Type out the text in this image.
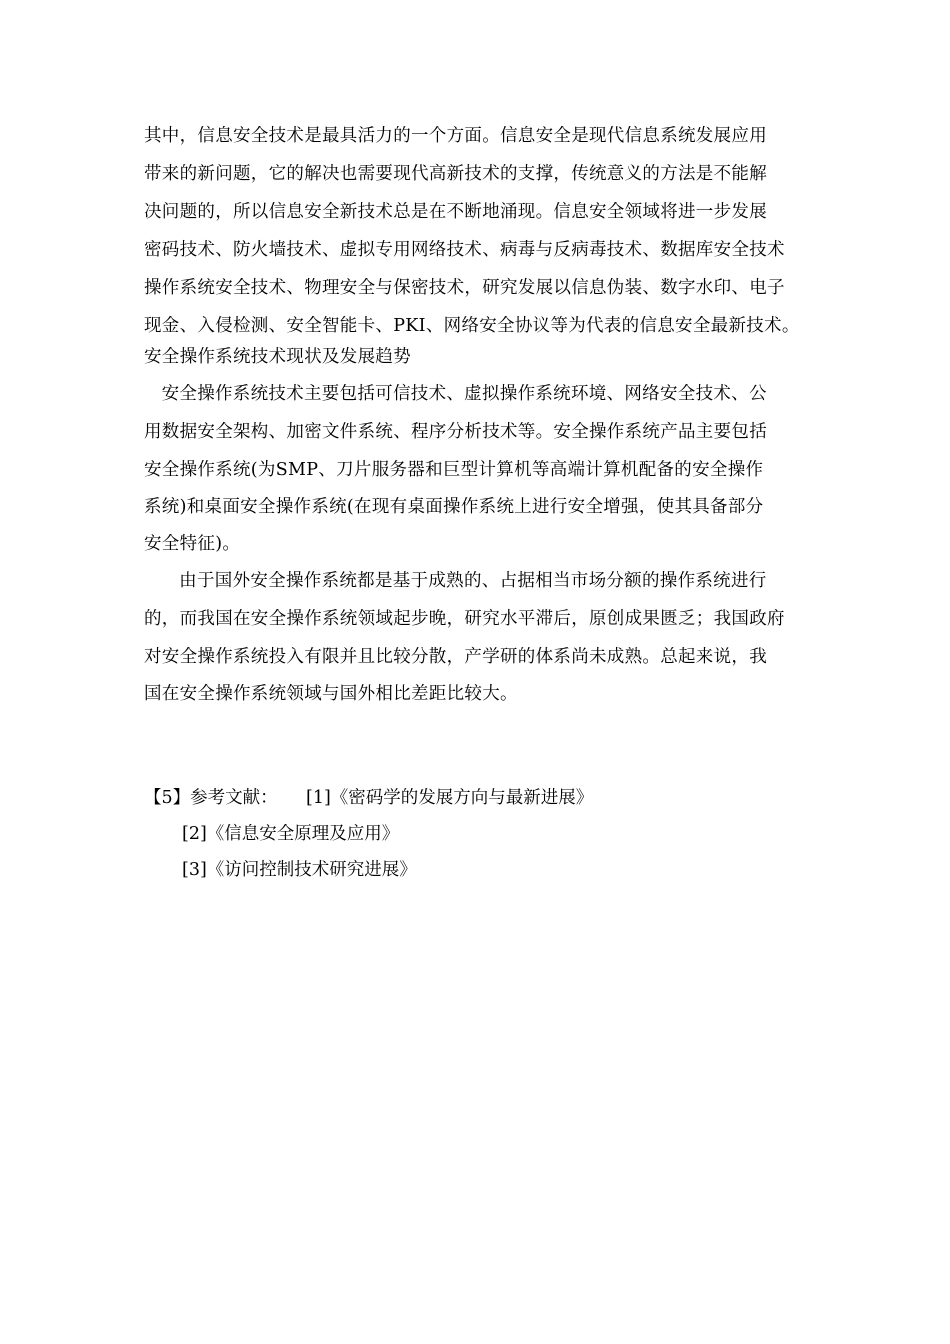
其中，信息安全技术是最具活力的一个方面。信息安全是现代信息系统发展应用
带来的新问题，它的解决也需要现代高新技术的支撑，传统意义的方法是不能解
决问题的，所以信息安全新技术总是在不断地涌现。信息安全领域将进一步发展
密码技术、防火墙技术、虚拟专用网络技术、病毒与反病毒技术、数据库安全技术
操作系统安全技术、物理安全与保密技术，研究发展以信息伪装、数字水印、电子
现金、入侵检测、安全智能卡、PKI、网络安全协议等为代表的信息安全最新技术。
安全操作系统技术现状及发展趋势
安全操作系统技术主要包括可信技术、虚拟操作系统环境、网络安全技术、公
用数据安全架构、加密文件系统、程序分析技术等。安全操作系统产品主要包括
安全操作系统(为SMP、刀片服务器和巨型计算机等高端计算机配备的安全操作
系统)和桌面安全操作系统(在现有桌面操作系统上进行安全增强，使其具备部分
安全特征)。
由于国外安全操作系统都是基于成熟的、占据相当市场分额的操作系统进行
的，而我国在安全操作系统领域起步晚，研究水平滞后，原创成果匮乏；我国政府
对安全操作系统投入有限并且比较分散，产学研的体系尚未成熟。总起来说，我
国在安全操作系统领域与国外相比差距比较大。
【5】参考文献： [1]《密码学的发展方向与最新进展》
[2]《信息安全原理及应用》
[3]《访问控制技术研究进展》
